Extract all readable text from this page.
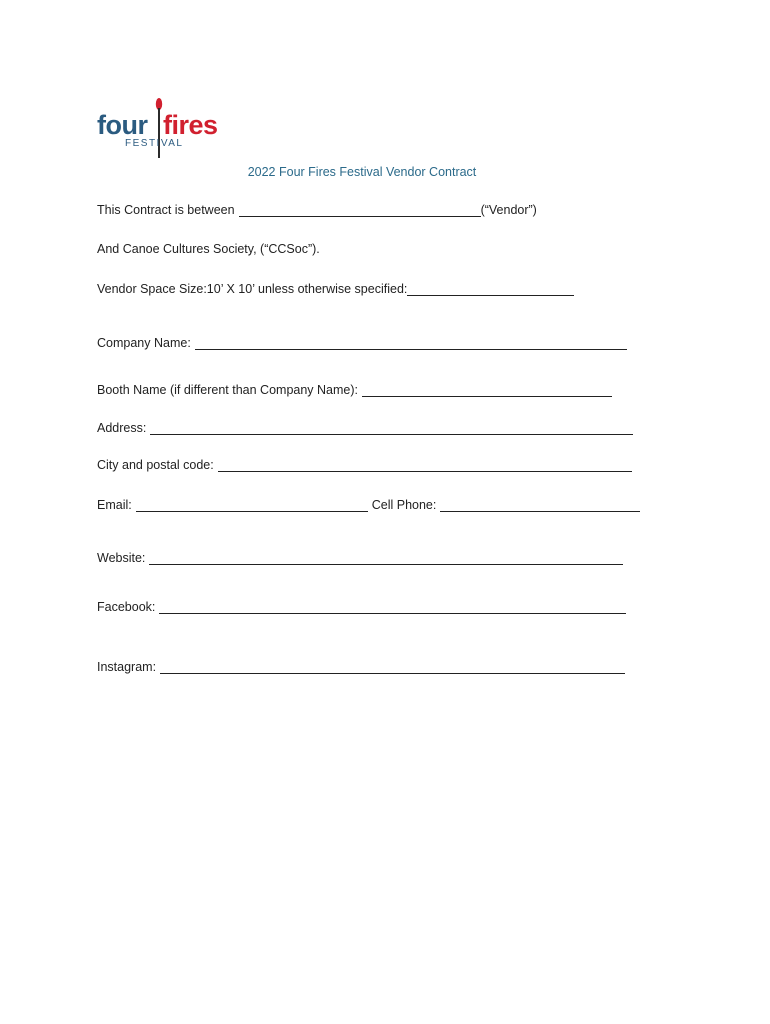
four fires
FESTIVAL
2022 Four Fires Festival Vendor Contract
This Contract is between	(“Vendor”)
And Canoe Cultures Society, (“CCSoc”).
Vendor Space Size:10’ X 10’ unless otherwise specified:
Company Name:
Booth Name (if different than Company Name):
Address:
City and postal code:
Email:	Cell Phone:
Website:
Facebook:
Instagram:
